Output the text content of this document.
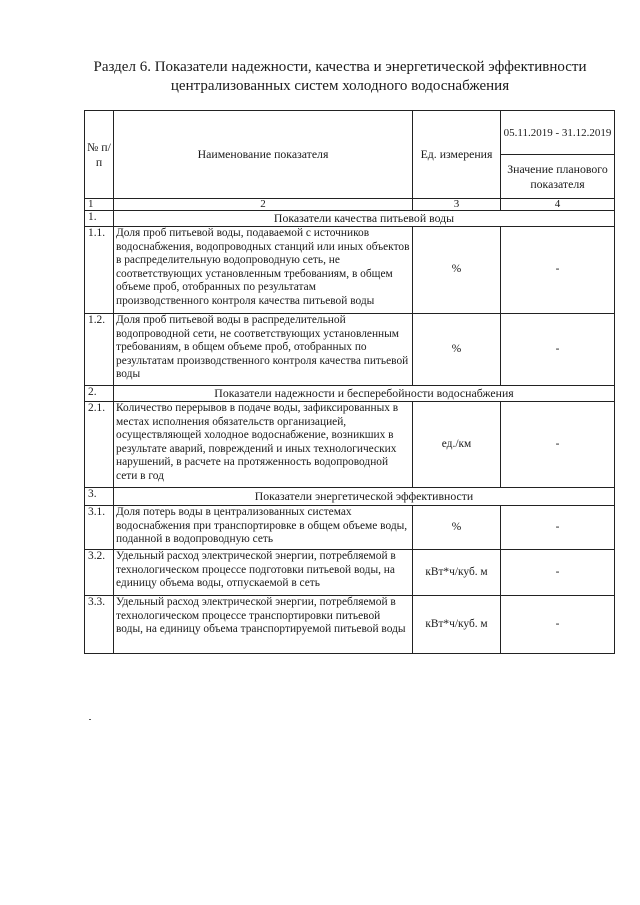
Раздел 6. Показатели надежности, качества и энергетической эффективности
централизованных систем холодного водоснабжения
№ п/п	Наименование показателя	Ед. измерения	05.11.2019 - 31.12.2019
			Значение планового показателя
1	2	3	4
1.	Показатели качества питьевой воды		
1.1.	Доля проб питьевой воды, подаваемой с источников водоснабжения, водопроводных станций или иных объектов в распределительную водопроводную сеть, не соответствующих установленным требованиям, в общем объеме проб, отобранных по результатам производственного контроля качества питьевой воды	%	-
1.2.	Доля проб питьевой воды в распределительной водопроводной сети, не соответствующих установленным требованиям, в общем объеме проб, отобранных по результатам производственного контроля качества питьевой воды	%	-
2.	Показатели надежности и бесперебойности водоснабжения		
2.1.	Количество перерывов в подаче воды, зафиксированных в местах исполнения обязательств организацией, осуществляющей холодное водоснабжение, возникших в результате аварий, повреждений и иных технологических нарушений, в расчете на протяженность водопроводной сети в год	ед./км	-
3.	Показатели энергетической эффективности		
3.1.	Доля потерь воды в централизованных системах водоснабжения при транспортировке в общем объеме воды, поданной в водопроводную сеть	%	-
3.2.	Удельный расход электрической энергии, потребляемой в технологическом процессе подготовки питьевой воды, на единицу объема воды, отпускаемой в сеть	кВт*ч/куб. м	-
3.3.	Удельный расход электрической энергии, потребляемой в технологическом процессе транспортировки питьевой воды, на единицу объема транспортируемой питьевой воды	кВт*ч/куб. м	-
